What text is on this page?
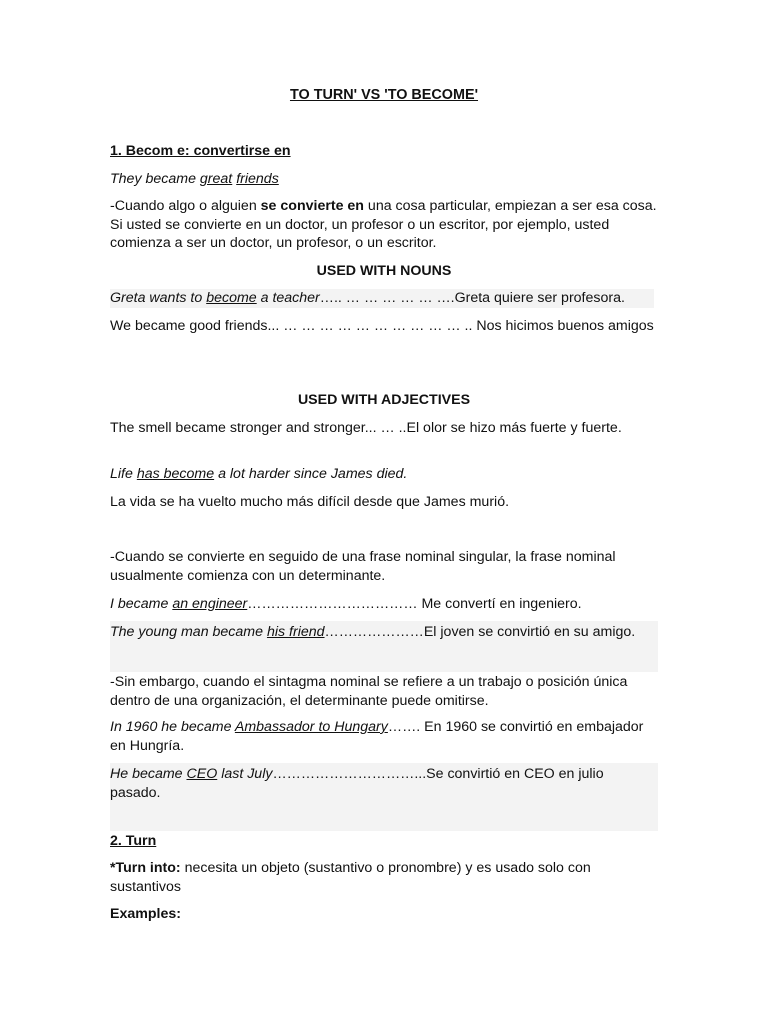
TO TURN' VS 'TO BECOME'

1. Becom e: convertirse en

They became great friends

-Cuando algo o alguien se convierte en una cosa particular, empiezan a ser esa cosa. Si usted se convierte en un doctor, un profesor o un escritor, por ejemplo, usted comienza a ser un doctor, un profesor, o un escritor.

USED WITH NOUNS

Greta wants to become a teacher….. … … … … … ….Greta quiere ser profesora.

We became good friends... … … … … … … … … … … .. Nos hicimos buenos amigos

USED WITH ADJECTIVES

The smell became stronger and stronger... … ..El olor se hizo más fuerte y fuerte.

Life has become a lot harder since James died.

La vida se ha vuelto mucho más difícil desde que James murió.

-Cuando se convierte en seguido de una frase nominal singular, la frase nominal usualmente comienza con un determinante.

I became an engineer……………………………… Me convertí en ingeniero.

The young man became his friend…………………El joven se convirtió en su amigo.

-Sin embargo, cuando el sintagma nominal se refiere a un trabajo o posición única dentro de una organización, el determinante puede omitirse.

In 1960 he became Ambassador to Hungary……. En 1960 se convirtió en embajador en Hungría.

He became CEO last July…………………………...Se convirtió en CEO en julio pasado.

2. Turn

*Turn into: necesita un objeto (sustantivo o pronombre) y es usado solo con sustantivos

Examples:
